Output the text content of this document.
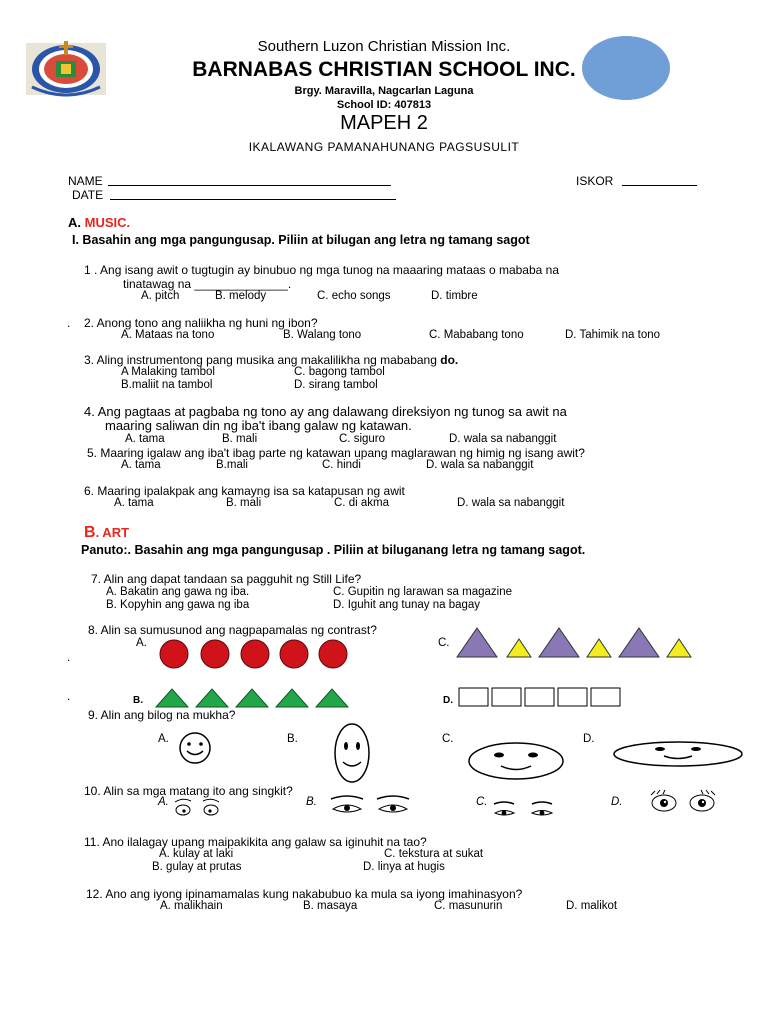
Southern Luzon Christian Mission Inc.
BARNABAS CHRISTIAN SCHOOL INC.
Brgy. Maravilla, Nagcarlan Laguna
School ID: 407813
MAPEH 2
IKALAWANG PAMANAHUNANG PAGSUSULIT
NAME
DATE
ISKOR
A. MUSIC.
I. Basahin ang mga pangungusap. Piliin at bilugan ang letra ng tamang sagot
1 . Ang isang awit o tugtugin ay binubuo ng mga tunog na maaaring mataas o mababa na
tinatawag na ______________.
A. pitch	B. melody	C. echo songs	D. timbre
. 2. Anong tono ang naliikha ng huni ng ibon?
A. Mataas na tono	B. Walang tono	C. Mababang tono	D. Tahimik na tono
3. Aling instrumentong pang musika ang makalilikha ng mababang do.
A Malaking tambol	C. bagong tambol
B.maliit na tambol	D. sirang tambol
4. Ang pagtaas at pagbaba ng tono ay ang dalawang direksiyon ng tunog sa awit na
maaring saliwan din ng iba't ibang galaw ng katawan.
A. tama	B. mali	C. siguro	D. wala sa nabanggit
5. Maaring igalaw ang iba't ibag parte ng katawan upang maglarawan ng himig ng isang awit?
A. tama	B.mali	C. hindi	D. wala sa nabanggit
6. Maaring ipalakpak ang kamayng isa sa katapusan ng awit
A. tama	B. mali	C. di akma	D. wala sa nabanggit
B. ART
Panuto:. Basahin ang mga pangungusap . Piliin at biluganang letra ng tamang sagot.
7. Alin ang dapat tandaan sa pagguhit ng Still Life?
A. Bakatin ang gawa ng iba.	C. Gupitin ng larawan sa magazine
B. Kopyhin ang gawa ng iba	D. Iguhit ang tunay na bagay
8. Alin sa sumusunod ang nagpapamalas ng contrast?
A.	C.
.
.	B.	D.
9. Alin ang bilog na mukha?
A.	B.	C.	D.
10. Alin sa mga matang ito ang singkit?
A.	B.	C.	D.
11. Ano ilalagay upang maipakikita ang galaw sa iginuhit na tao?
A. kulay at laki	C. tekstura at sukat
B. gulay at prutas	D. linya at hugis
12. Ano ang iyong ipinamamalas kung nakabubuo ka mula sa iyong imahinasyon?
A. malikhain	B. masaya	C. masunurin	D. malikot
